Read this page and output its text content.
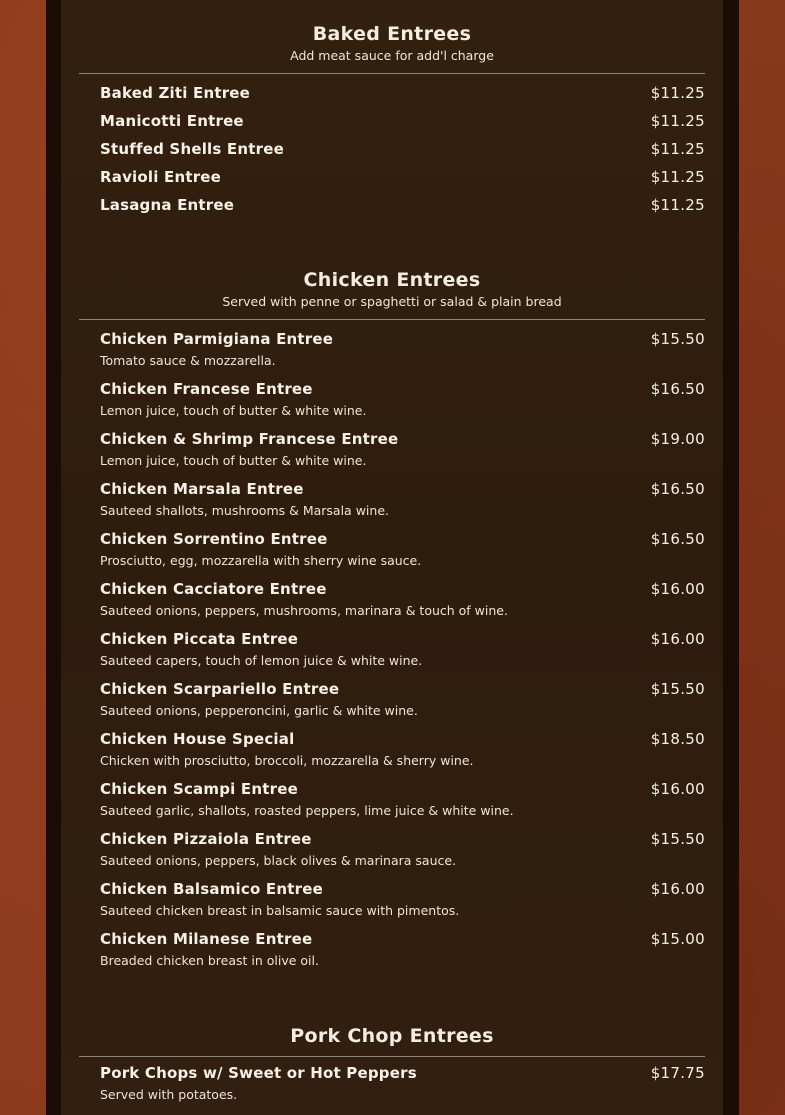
Baked Entrees
Add meat sauce for add'l charge
Baked Ziti Entree	$11.25
Manicotti Entree	$11.25
Stuffed Shells Entree	$11.25
Ravioli Entree	$11.25
Lasagna Entree	$11.25
Chicken Entrees
Served with penne or spaghetti or salad & plain bread
Chicken Parmigiana Entree	$15.50
Tomato sauce & mozzarella.
Chicken Francese Entree	$16.50
Lemon juice, touch of butter & white wine.
Chicken & Shrimp Francese Entree	$19.00
Lemon juice, touch of butter & white wine.
Chicken Marsala Entree	$16.50
Sauteed shallots, mushrooms & Marsala wine.
Chicken Sorrentino Entree	$16.50
Prosciutto, egg, mozzarella with sherry wine sauce.
Chicken Cacciatore Entree	$16.00
Sauteed onions, peppers, mushrooms, marinara & touch of wine.
Chicken Piccata Entree	$16.00
Sauteed capers, touch of lemon juice & white wine.
Chicken Scarpariello Entree	$15.50
Sauteed onions, pepperoncini, garlic & white wine.
Chicken House Special	$18.50
Chicken with prosciutto, broccoli, mozzarella & sherry wine.
Chicken Scampi Entree	$16.00
Sauteed garlic, shallots, roasted peppers, lime juice & white wine.
Chicken Pizzaiola Entree	$15.50
Sauteed onions, peppers, black olives & marinara sauce.
Chicken Balsamico Entree	$16.00
Sauteed chicken breast in balsamic sauce with pimentos.
Chicken Milanese Entree	$15.00
Breaded chicken breast in olive oil.
Pork Chop Entrees
Pork Chops w/ Sweet or Hot Peppers	$17.75
Served with potatoes.
